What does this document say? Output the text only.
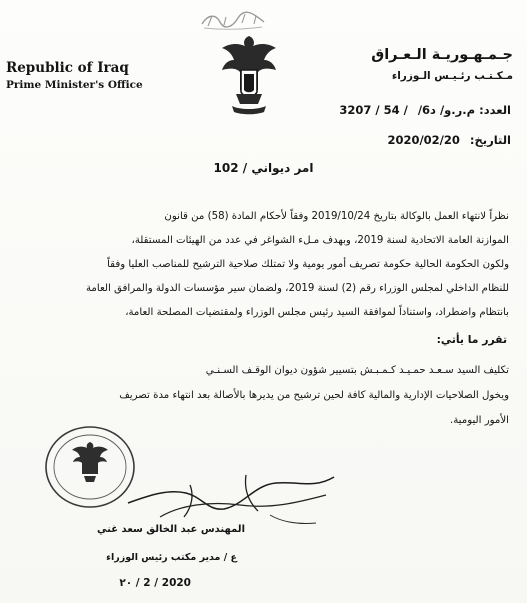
Republic of Iraq
Prime Minister's Office
جـمـهـوريـة الـعـراق
مـكـتـب رئـيـس الـوزراء
العدد: م.ر.و/ د6/ 3207 / 54 /
التاريخ: 2020/02/20
امر ديواني / 102
نظراً لانتهاء العمل بالوكالة بتاريخ 2019/10/24 وفقاً لأحكام المادة (58) من قانون
الموازنة العامة الاتحادية لسنة 2019، وبهدف مـلء الشواغر في عدد من الهيئات المستقلة،
ولكون الحكومة الحالية حكومة تصريف أمور يومية ولا تمتلك صلاحية الترشيح للمناصب العليا وفقاً
للنظام الداخلي لمجلس الوزراء رقم (2) لسنة 2019، ولضمان سير مؤسسات الدولة والمرافق العامة
بانتظام واضطراد، واستناداً لموافقة السيد رئيس مجلس الوزراء ولمقتضيات المصلحة العامة،
تقرر ما يأتي:
تكليف السيد سـعـد حمـيـد كـمـبـش بتسيير شؤون ديوان الوقـف السـنـي
ويخول الصلاحيات الإدارية والمالية كافة لحين ترشيح من يديرها بالأصالة بعد انتهاء مدة تصريف
الأمور اليومية.
المهندس عبد الخالق سعد غني
ع / مدير مكتب رئيس الوزراء
2020 / 2 / ٢٠
